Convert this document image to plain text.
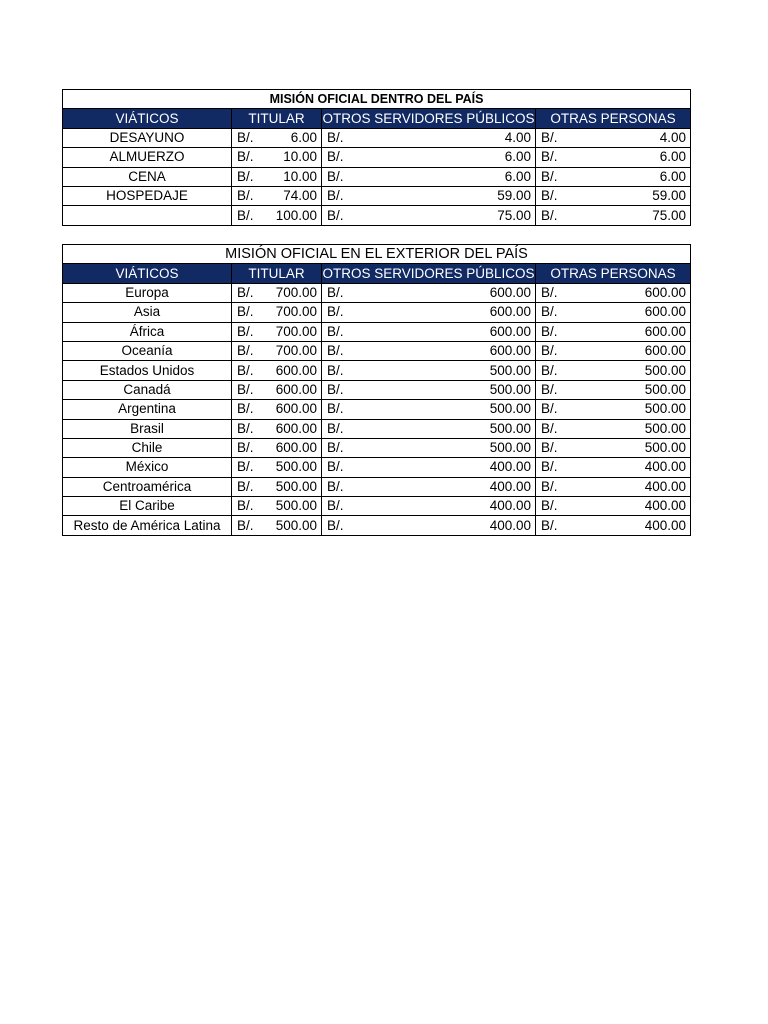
MISIÓN OFICIAL DENTRO DEL PAÍS			
VIÁTICOS	TITULAR	OTROS SERVIDORES PÚBLICOS	OTRAS PERSONAS
DESAYUNO	B/. 6.00	B/. 4.00	B/. 4.00

ALMUERZO	B/. 10.00	B/. 6.00	B/. 6.00

CENA	B/. 10.00	B/. 6.00	B/. 6.00

HOSPEDAJE	B/. 74.00	B/. 59.00	B/. 59.00

	B/. 100.00	B/. 75.00	B/. 75.00
MISIÓN OFICIAL EN EL EXTERIOR DEL PAÍS			
VIÁTICOS	TITULAR	OTROS SERVIDORES PÚBLICOS	OTRAS PERSONAS
Europa	B/. 700.00	B/. 600.00	B/. 600.00

Asia	B/. 700.00	B/. 600.00	B/. 600.00

África	B/. 700.00	B/. 600.00	B/. 600.00

Oceanía	B/. 700.00	B/. 600.00	B/. 600.00

Estados Unidos	B/. 600.00	B/. 500.00	B/. 500.00

Canadá	B/. 600.00	B/. 500.00	B/. 500.00

Argentina	B/. 600.00	B/. 500.00	B/. 500.00

Brasil	B/. 600.00	B/. 500.00	B/. 500.00

Chile	B/. 600.00	B/. 500.00	B/. 500.00

México	B/. 500.00	B/. 400.00	B/. 400.00

Centroamérica	B/. 500.00	B/. 400.00	B/. 400.00

El Caribe	B/. 500.00	B/. 400.00	B/. 400.00

Resto de América Latina	B/. 500.00	B/. 400.00	B/. 400.00
